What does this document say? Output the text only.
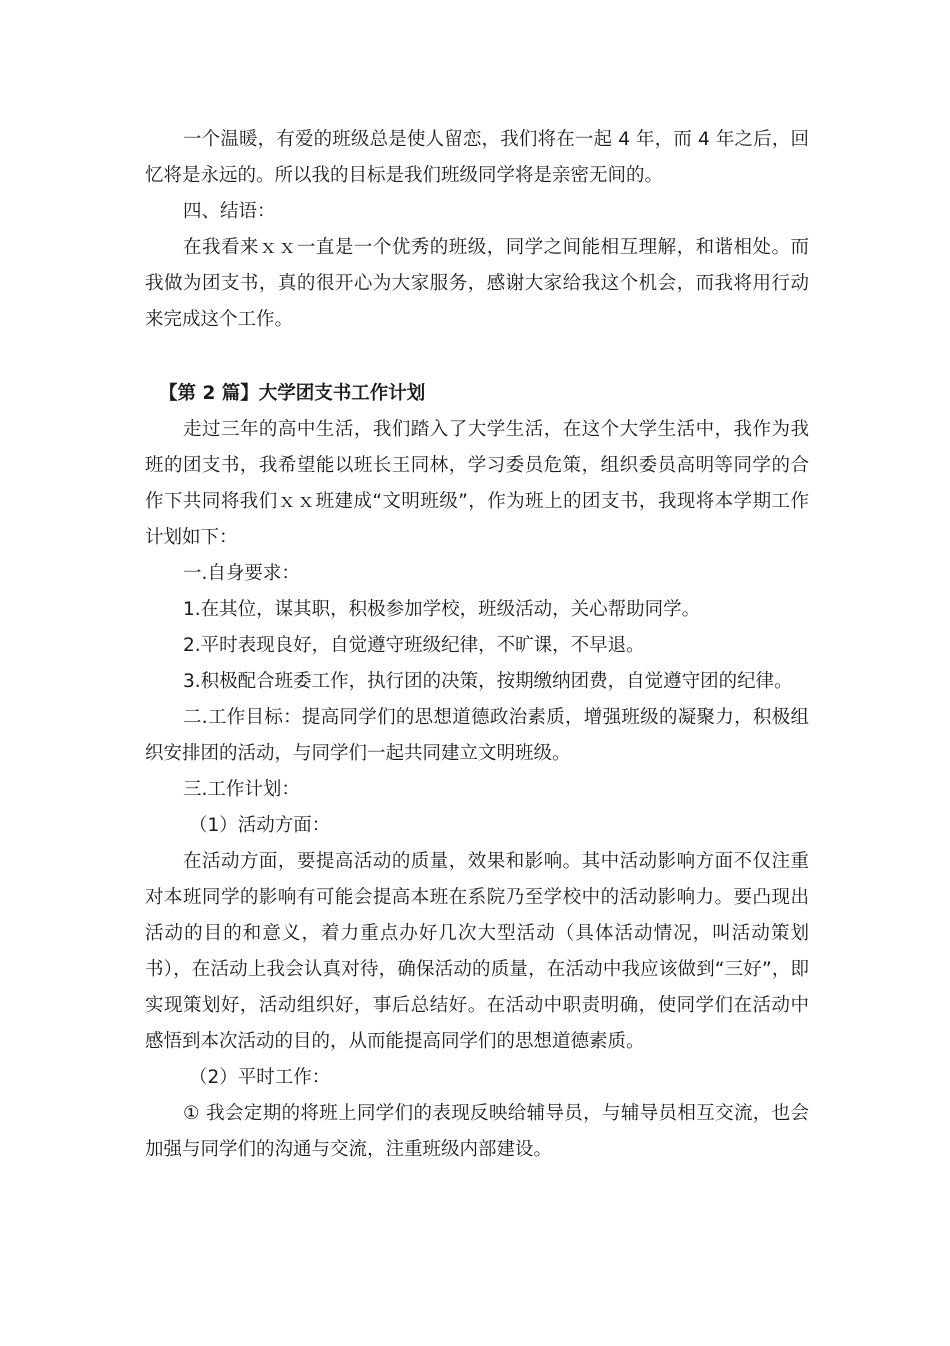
一个温暖，有爱的班级总是使人留恋，我们将在一起 4 年，而 4 年之后，回忆将是永远的。所以我的目标是我们班级同学将是亲密无间的。

四、结语：

在我看来ｘｘ一直是一个优秀的班级，同学之间能相互理解，和谐相处。而我做为团支书，真的很开心为大家服务，感谢大家给我这个机会，而我将用行动来完成这个工作。

【第 2 篇】大学团支书工作计划

走过三年的高中生活，我们踏入了大学生活，在这个大学生活中，我作为我班的团支书，我希望能以班长王同林，学习委员危策，组织委员高明等同学的合作下共同将我们ｘｘ班建成“文明班级”，作为班上的团支书，我现将本学期工作计划如下：

一.自身要求：

1.在其位，谋其职，积极参加学校，班级活动，关心帮助同学。

2.平时表现良好，自觉遵守班级纪律，不旷课，不早退。

3.积极配合班委工作，执行团的决策，按期缴纳团费，自觉遵守团的纪律。

二.工作目标：提高同学们的思想道德政治素质，增强班级的凝聚力，积极组织安排团的活动，与同学们一起共同建立文明班级。

三.工作计划：

（1）活动方面：

在活动方面，要提高活动的质量，效果和影响。其中活动影响方面不仅注重对本班同学的影响有可能会提高本班在系院乃至学校中的活动影响力。要凸现出活动的目的和意义，着力重点办好几次大型活动（具体活动情况，叫活动策划书），在活动上我会认真对待，确保活动的质量，在活动中我应该做到“三好”，即实现策划好，活动组织好，事后总结好。在活动中职责明确，使同学们在活动中感悟到本次活动的目的，从而能提高同学们的思想道德素质。

（2）平时工作：

① 我会定期的将班上同学们的表现反映给辅导员，与辅导员相互交流，也会加强与同学们的沟通与交流，注重班级内部建设。
